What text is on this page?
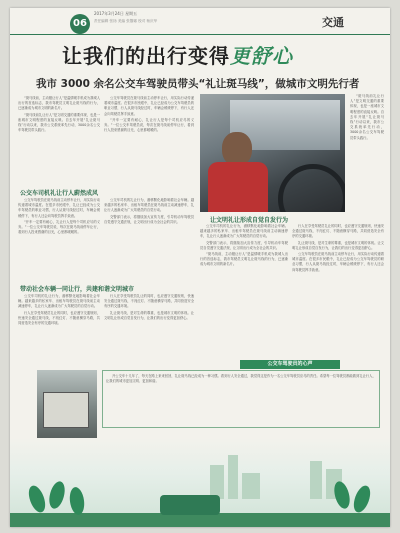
06
2017年3月24日 星期五
责任编辑 张扬 美编 张馨娜 校对 杨庆华	交通
让我们的出行变得更舒心
我市 3000 余名公交车驾驶员带头“礼让斑马线”，做城市文明先行者

“斑马线前，主动避让行人”是温情暖手机成为我城人出行的首选标志，我市驾驶员文明礼让斑马线的行为，已逐渐成为城市文明的新名片。

“斑马线前礼让行人”是文明交通的重要体现，也是一座城市文明程度的直接反映。自去年开展“礼让斑马线”行动以来，我市公交系统率先行动，3000余名公交车驾驶员带头践行。

公交车驾驶员在斑马线前主动停车让行，用实际行动传递着城市温度。在很多市民眼中，礼让已经成为公交车驾驶员的职业习惯，行人从斑马线经过时，车辆会缓缓停下，有行人还会向驾驶员挥手致意。

“开车一定要有耐心，礼让行人是每个司机应尽的义务。”一位公交车驾驶员说，每次在斑马线前停车让行，看到行人投来感谢的目光，心里都暖暖的。

公交车司机礼让行人蔚然成风

公交车驾驶员在斑马线前主动停车让行，用实际行动传递着城市温度。在很多市民眼中，礼让已经成为公交车驾驶员的职业习惯，行人从斑马线经过时，车辆会缓缓停下，有行人还会向驾驶员挥手致意。

“开车一定要有耐心，礼让行人是每个司机应尽的义务。”一位公交车驾驶员说，每次在斑马线前停车让行，看到行人投来感谢的目光，心里都暖暖的。

公交车司机的礼让行为，潜移默化地影响着社会车辆。越来越多的私家车、出租车驾驶员在斑马线前主动减速停车，礼让行人逐渐成为广大驾驶员的自觉行动。

交警部门表示，将继续加大宣传力度，引导机动车驾驶员自觉遵守交通法规，让文明出行成为全社会的共识。

带动社会车辆一同让行，共建和谐文明城市

公交车司机的礼让行为，潜移默化地影响着社会车辆。越来越多的私家车、出租车驾驶员在斑马线前主动减速停车，礼让行人逐渐成为广大驾驶员的自觉行动。

行人在享受驾驶员礼让的同时，也应遵守交通规则，快速安全通过斑马线，不闯红灯、不随意横穿马路，共同营造安全有序的交通环境。

行人在享受驾驶员礼让的同时，也应遵守交通规则，快速安全通过斑马线，不闯红灯、不随意横穿马路，共同营造安全有序的交通环境。

礼让斑马线，是对生命的尊重，也是城市文明的体现。让文明礼让形成自觉自发行为，让我们的出行变得更加舒心。

“斑马线前礼让行人”是文明交通的重要体现，也是一座城市文明程度的直接反映。自去年开展“礼让斑马线”行动以来，我市公交系统率先行动，3000余名公交车驾驶员带头践行。

让文明礼让形成自觉自发行为

公交车司机的礼让行为，潜移默化地影响着社会车辆。越来越多的私家车、出租车驾驶员在斑马线前主动减速停车，礼让行人逐渐成为广大驾驶员的自觉行动。

交警部门表示，将继续加大宣传力度，引导机动车驾驶员自觉遵守交通法规，让文明出行成为全社会的共识。

“斑马线前，主动避让行人”是温情暖手机成为我城人出行的首选标志，我市驾驶员文明礼让斑马线的行为，已逐渐成为城市文明的新名片。

行人在享受驾驶员礼让的同时，也应遵守交通规则，快速安全通过斑马线，不闯红灯、不随意横穿马路，共同营造安全有序的交通环境。

礼让斑马线，是对生命的尊重，也是城市文明的体现。让文明礼让形成自觉自发行为，让我们的出行变得更加舒心。

公交车驾驶员在斑马线前主动停车让行，用实际行动传递着城市温度。在很多市民眼中，礼让已经成为公交车驾驶员的职业习惯，行人从斑马线经过时，车辆会缓缓停下，有行人还会向驾驶员挥手致意。

公交车驾驶员的心声

开公交车十几年了，每天在路上来来回回，礼让斑马线已经成为一种习惯。看到行人安全通过，我觉得这是作为一名公交车驾驶员应尽的责任。希望每一位驾驶员都能做到礼让行人，让我们的城市更加文明、更加和谐。
